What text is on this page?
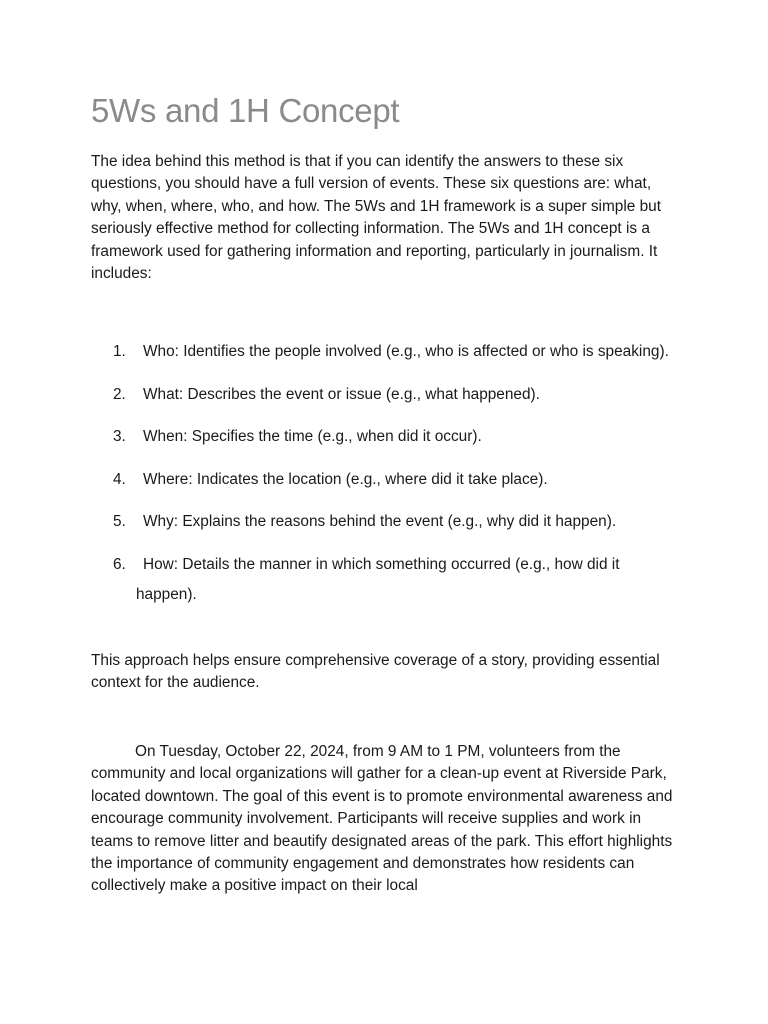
5Ws and 1H Concept

The idea behind this method is that if you can identify the answers to these six questions, you should have a full version of events. These six questions are: what, why, when, where, who, and how. The 5Ws and 1H framework is a super simple but seriously effective method for collecting information. The 5Ws and 1H concept is a framework used for gathering information and reporting, particularly in journalism. It includes:

1. Who: Identifies the people involved (e.g., who is affected or who is speaking).
2. What: Describes the event or issue (e.g., what happened).
3. When: Specifies the time (e.g., when did it occur).
4. Where: Indicates the location (e.g., where did it take place).
5. Why: Explains the reasons behind the event (e.g., why did it happen).
6. How: Details the manner in which something occurred (e.g., how did it happen).

This approach helps ensure comprehensive coverage of a story, providing essential context for the audience.

On Tuesday, October 22, 2024, from 9 AM to 1 PM, volunteers from the community and local organizations will gather for a clean-up event at Riverside Park, located downtown. The goal of this event is to promote environmental awareness and encourage community involvement. Participants will receive supplies and work in teams to remove litter and beautify designated areas of the park. This effort highlights the importance of community engagement and demonstrates how residents can collectively make a positive impact on their local
